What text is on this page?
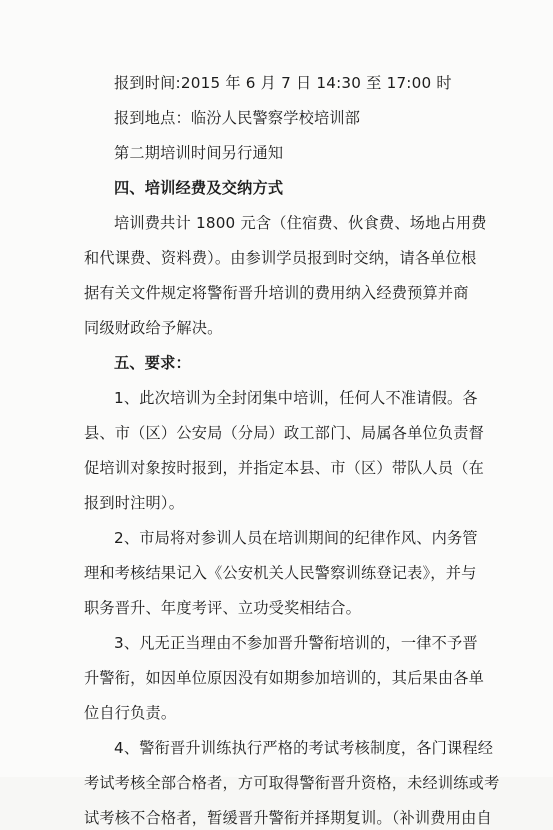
报到时间:2015 年 6 月 7 日 14:30 至 17:00 时
报到地点：临汾人民警察学校培训部
第二期培训时间另行通知
四、培训经费及交纳方式
培训费共计 1800 元含（住宿费、伙食费、场地占用费
和代课费、资料费）。由参训学员报到时交纳，请各单位根
据有关文件规定将警衔晋升培训的费用纳入经费预算并商
同级财政给予解决。
五、要求：
1、此次培训为全封闭集中培训，任何人不准请假。各
县、市（区）公安局（分局）政工部门、局属各单位负责督
促培训对象按时报到，并指定本县、市（区）带队人员（在
报到时注明）。
2、市局将对参训人员在培训期间的纪律作风、内务管
理和考核结果记入《公安机关人民警察训练登记表》，并与
职务晋升、年度考评、立功受奖相结合。
3、凡无正当理由不参加晋升警衔培训的，一律不予晋
升警衔，如因单位原因没有如期参加培训的，其后果由各单
位自行负责。
4、警衔晋升训练执行严格的考试考核制度，各门课程经
考试考核全部合格者，方可取得警衔晋升资格，未经训练或考
试考核不合格者，暂缓晋升警衔并择期复训。（补训费用由自
